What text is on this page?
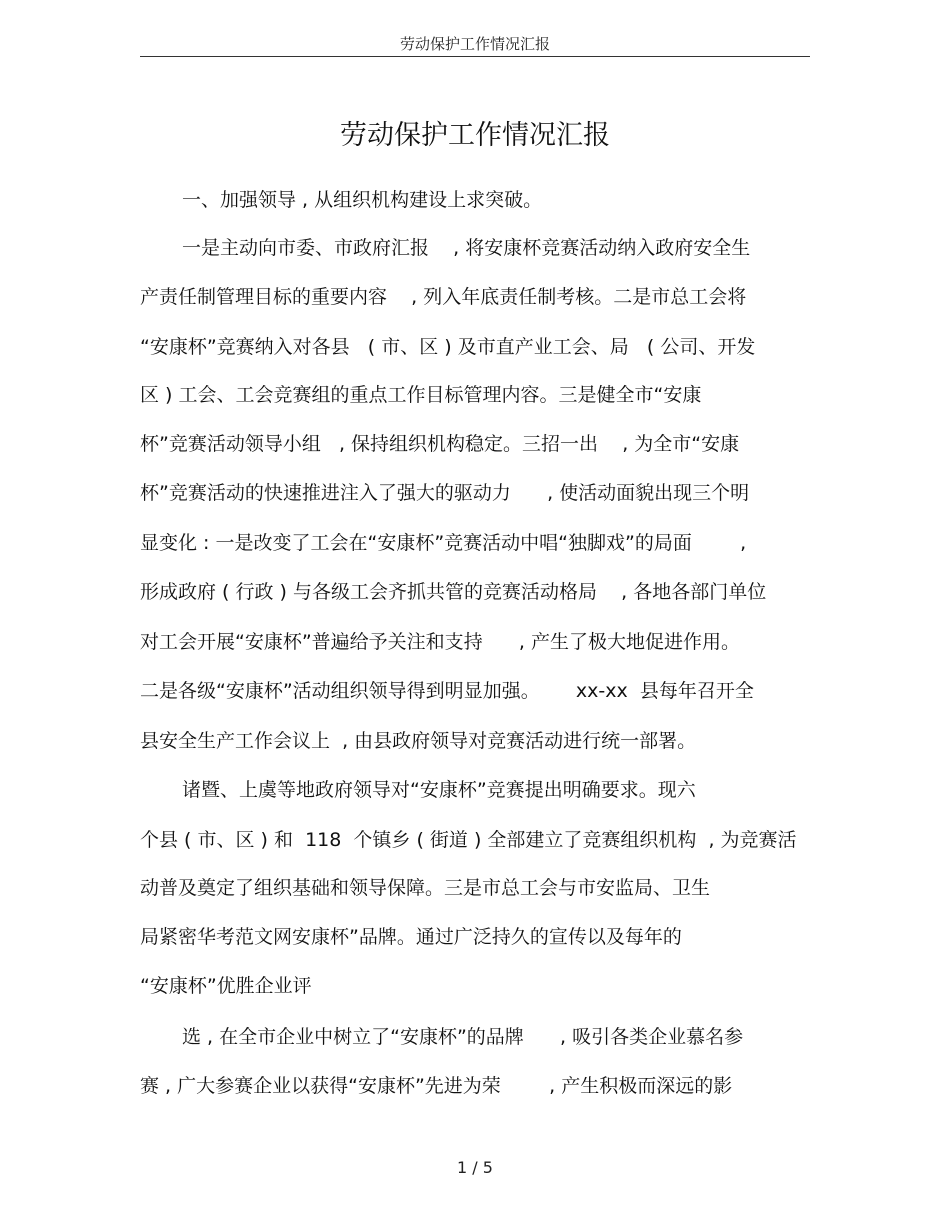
劳动保护工作情况汇报
劳动保护工作情况汇报
一、加强领导 , 从组织机构建设上求突破。
一是主动向市委、市政府汇报    , 将安康杯竞赛活动纳入政府安全生
产责任制管理目标的重要内容    , 列入年底责任制考核。二是市总工会将
“安康杯”竞赛纳入对各县   ( 市、区 ) 及市直产业工会、局   ( 公司、开发
区 ) 工会、工会竞赛组的重点工作目标管理内容。三是健全市“安康
杯”竞赛活动领导小组   , 保持组织机构稳定。三招一出    , 为全市“安康
杯”竞赛活动的快速推进注入了强大的驱动力      , 使活动面貌出现三个明
显变化 : 一是改变了工会在“安康杯”竞赛活动中唱“独脚戏”的局面        ,
形成政府 ( 行政 ) 与各级工会齐抓共管的竞赛活动格局    , 各地各部门单位
对工会开展“安康杯”普遍给予关注和支持      , 产生了极大地促进作用。
二是各级“安康杯”活动组织领导得到明显加强。      xx-xx  县每年召开全
县安全生产工作会议上  , 由县政府领导对竞赛活动进行统一部署。
诸暨、上虞等地政府领导对“安康杯”竞赛提出明确要求。现六
个县 ( 市、区 ) 和  118  个镇乡 ( 街道 ) 全部建立了竞赛组织机构  , 为竞赛活
动普及奠定了组织基础和领导保障。三是市总工会与市安监局、卫生
局紧密华考范文网安康杯”品牌。通过广泛持久的宣传以及每年的
“安康杯”优胜企业评
选 , 在全市企业中树立了“安康杯”的品牌      , 吸引各类企业慕名参
赛 , 广大参赛企业以获得“安康杯”先进为荣        , 产生积极而深远的影
1 / 5
